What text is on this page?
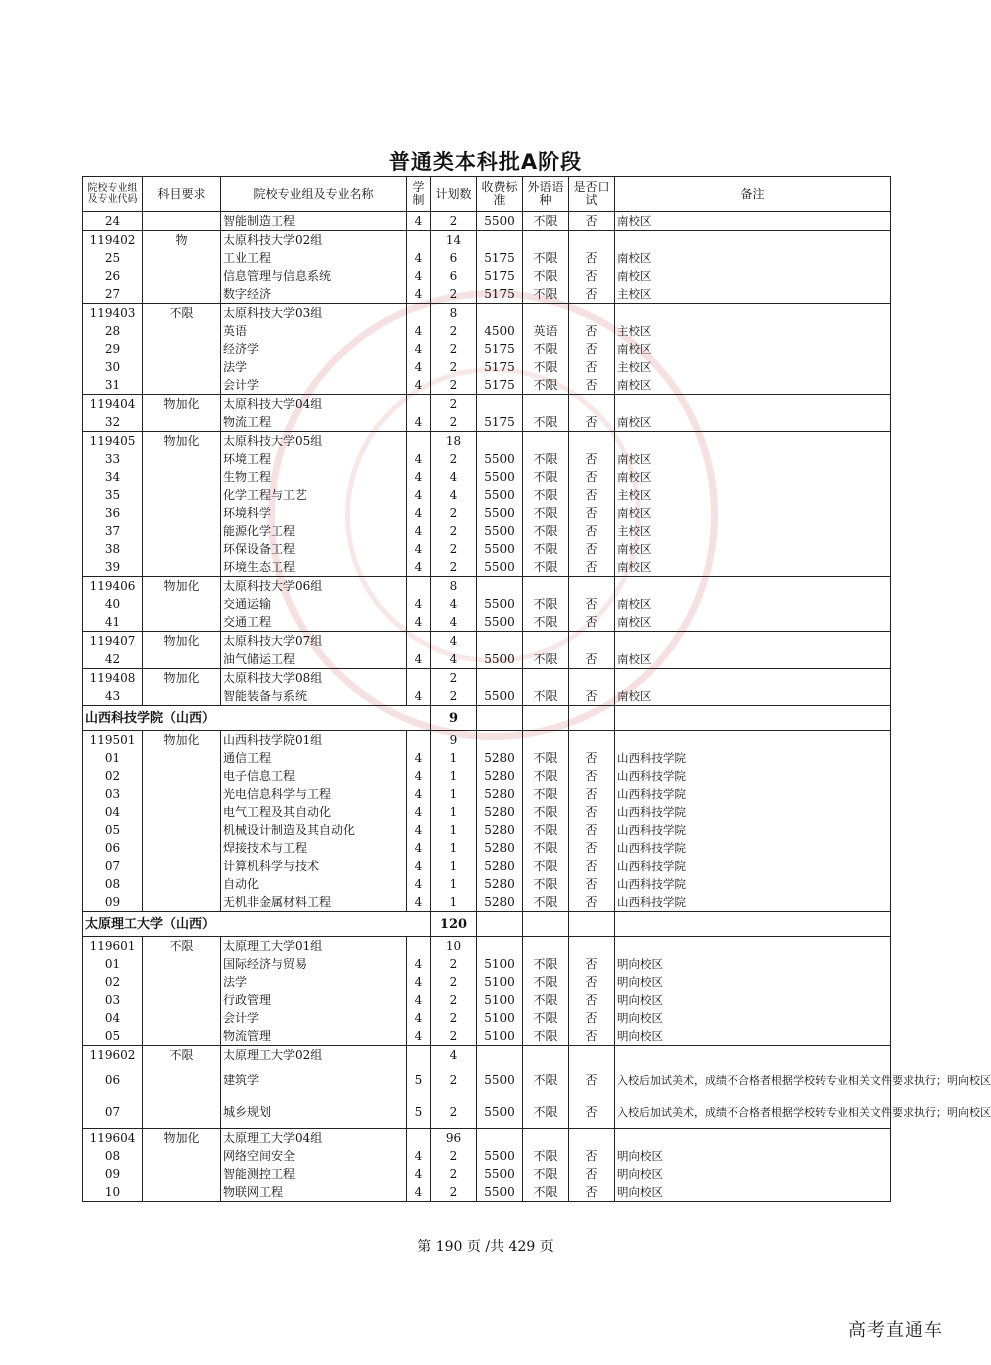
普通类本科批A阶段
院校专业组及专业代码	科目要求	院校专业组及专业名称	学制	计划数	收费标准	外语语种	是否口试	备注
24		智能制造工程	4	2	5500	不限	否	南校区
119402	物	太原科技大学02组		14				
25		工业工程	4	6	5175	不限	否	南校区
26		信息管理与信息系统	4	6	5175	不限	否	南校区
27		数字经济	4	2	5175	不限	否	主校区
119403	不限	太原科技大学03组		8				
28		英语	4	2	4500	英语	否	主校区
29		经济学	4	2	5175	不限	否	南校区
30		法学	4	2	5175	不限	否	主校区
31		会计学	4	2	5175	不限	否	南校区
119404	物加化	太原科技大学04组		2				
32		物流工程	4	2	5175	不限	否	南校区
119405	物加化	太原科技大学05组		18				
33		环境工程	4	2	5500	不限	否	南校区
34		生物工程	4	4	5500	不限	否	南校区
35		化学工程与工艺	4	4	5500	不限	否	主校区
36		环境科学	4	2	5500	不限	否	南校区
37		能源化学工程	4	2	5500	不限	否	主校区
38		环保设备工程	4	2	5500	不限	否	南校区
39		环境生态工程	4	2	5500	不限	否	南校区
119406	物加化	太原科技大学06组		8				
40		交通运输	4	4	5500	不限	否	南校区
41		交通工程	4	4	5500	不限	否	南校区
119407	物加化	太原科技大学07组		4				
42		油气储运工程	4	4	5500	不限	否	南校区
119408	物加化	太原科技大学08组		2				
43		智能装备与系统	4	2	5500	不限	否	南校区
山西科技学院（山西）				9				
119501	物加化	山西科技学院01组		9				
01		通信工程	4	1	5280	不限	否	山西科技学院
02		电子信息工程	4	1	5280	不限	否	山西科技学院
03		光电信息科学与工程	4	1	5280	不限	否	山西科技学院
04		电气工程及其自动化	4	1	5280	不限	否	山西科技学院
05		机械设计制造及其自动化	4	1	5280	不限	否	山西科技学院
06		焊接技术与工程	4	1	5280	不限	否	山西科技学院
07		计算机科学与技术	4	1	5280	不限	否	山西科技学院
08		自动化	4	1	5280	不限	否	山西科技学院
09		无机非金属材料工程	4	1	5280	不限	否	山西科技学院
太原理工大学（山西）				120				
119601	不限	太原理工大学01组		10				
01		国际经济与贸易	4	2	5100	不限	否	明向校区
02		法学	4	2	5100	不限	否	明向校区
03		行政管理	4	2	5100	不限	否	明向校区
04		会计学	4	2	5100	不限	否	明向校区
05		物流管理	4	2	5100	不限	否	明向校区
119602	不限	太原理工大学02组		4				
06		建筑学	5	2	5500	不限	否	入校后加试美术，成绩不合格者根据学校转专业相关文件要求执行；明向校区
07		城乡规划	5	2	5500	不限	否	入校后加试美术，成绩不合格者根据学校转专业相关文件要求执行；明向校区
119604	物加化	太原理工大学04组		96				
08		网络空间安全	4	2	5500	不限	否	明向校区
09		智能测控工程	4	2	5500	不限	否	明向校区
10		物联网工程	4	2	5500	不限	否	明向校区
第 190 页 /共 429 页
高考直通车
